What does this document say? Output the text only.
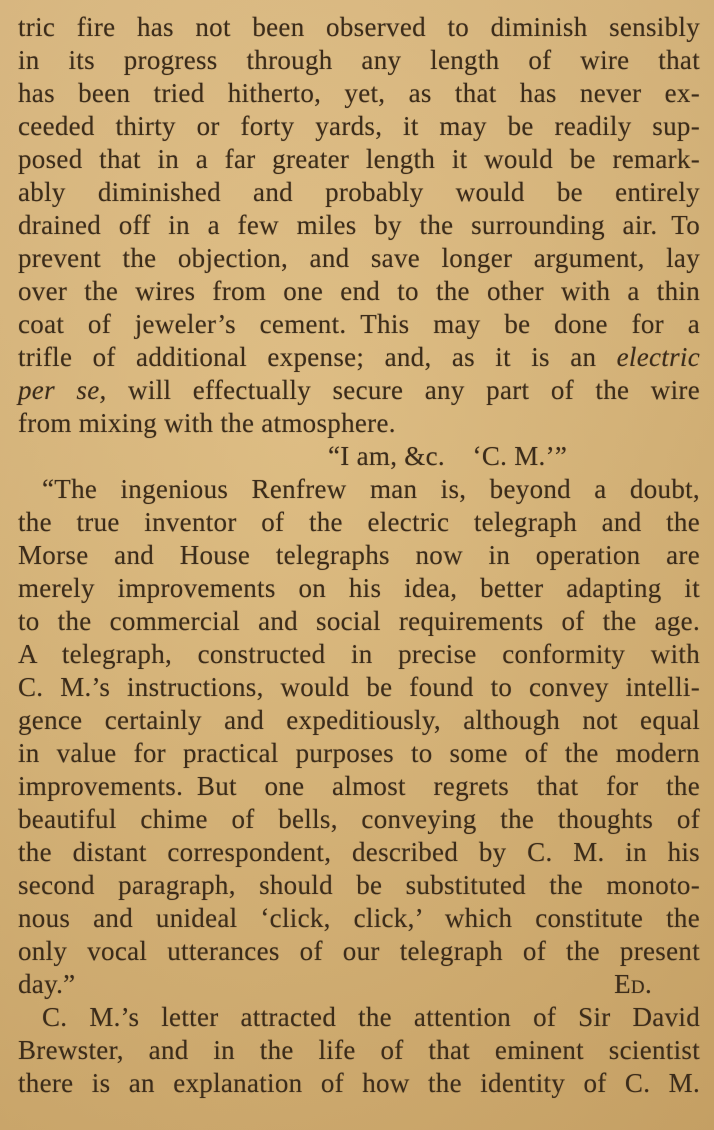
tric fire has not been observed to diminish sensibly
in its progress through any length of wire that
has been tried hitherto, yet, as that has never ex-
ceeded thirty or forty yards, it may be readily sup-
posed that in a far greater length it would be remark-
ably diminished and probably would be entirely
drained off in a few miles by the surrounding air. To
prevent the objection, and save longer argument, lay
over the wires from one end to the other with a thin
coat of jeweler’s cement. This may be done for a
trifle of additional expense; and, as it is an electric
per se, will effectually secure any part of the wire
from mixing with the atmosphere.
“I am, &c.  ‘C. M.’”
“The ingenious Renfrew man is, beyond a doubt,
the true inventor of the electric telegraph and the
Morse and House telegraphs now in operation are
merely improvements on his idea, better adapting it
to the commercial and social requirements of the age.
A telegraph, constructed in precise conformity with
C. M.’s instructions, would be found to convey intelli-
gence certainly and expeditiously, although not equal
in value for practical purposes to some of the modern
improvements. But one almost regrets that for the
beautiful chime of bells, conveying the thoughts of
the distant correspondent, described by C. M. in his
second paragraph, should be substituted the monoto-
nous and unideal ‘click, click,’ which constitute the
only vocal utterances of our telegraph of the present
day.”	Ed.
C. M.’s letter attracted the attention of Sir David
Brewster, and in the life of that eminent scientist
there is an explanation of how the identity of C. M.
